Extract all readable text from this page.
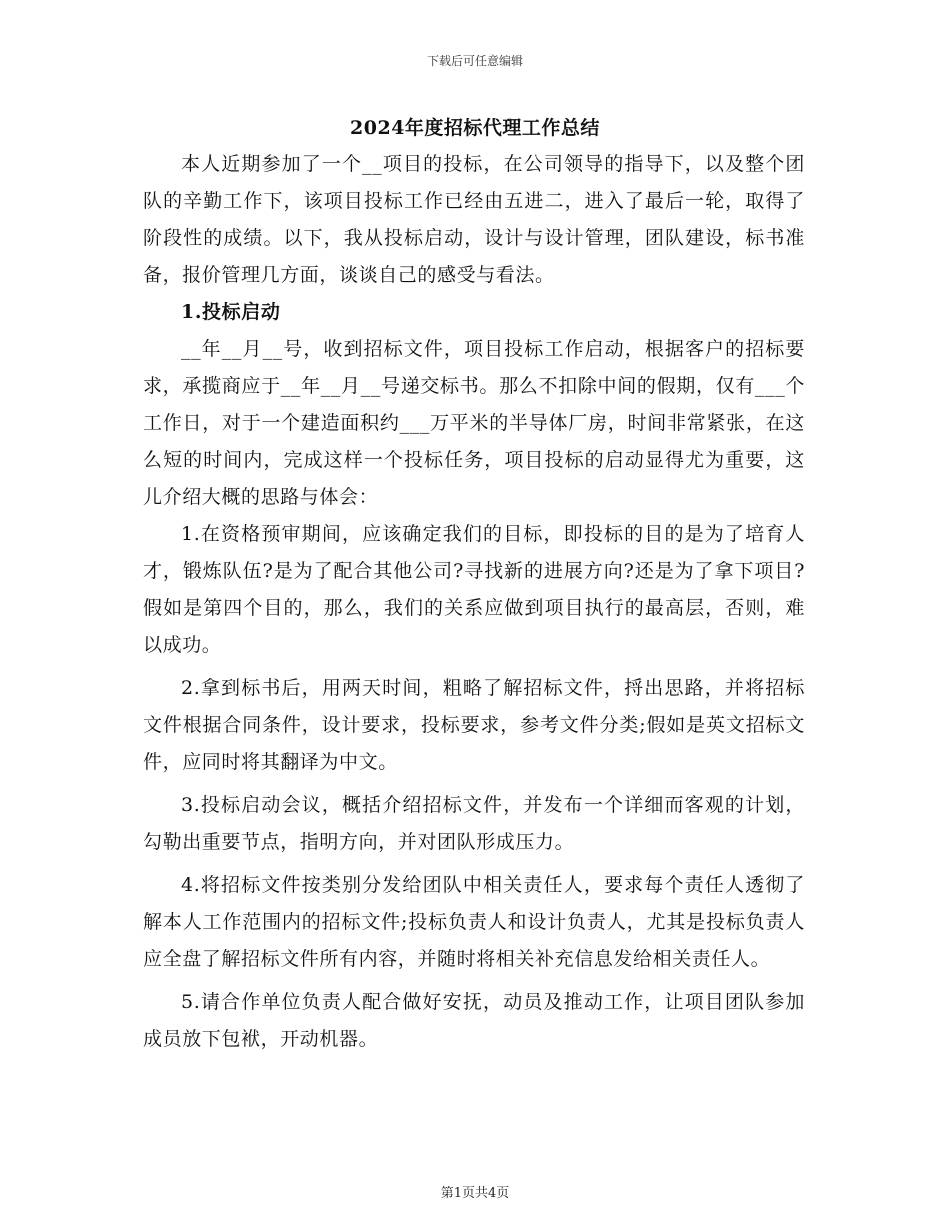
下载后可任意编辑
2024年度招标代理工作总结

本人近期参加了一个__项目的投标，在公司领导的指导下，以及整个团队的辛勤工作下，该项目投标工作已经由五进二，进入了最后一轮，取得了阶段性的成绩。以下，我从投标启动，设计与设计管理，团队建设，标书准备，报价管理几方面，谈谈自己的感受与看法。

1.投标启动

__年__月__号，收到招标文件，项目投标工作启动，根据客户的招标要求，承揽商应于__年__月__号递交标书。那么不扣除中间的假期，仅有___个工作日，对于一个建造面积约___万平米的半导体厂房，时间非常紧张，在这么短的时间内，完成这样一个投标任务，项目投标的启动显得尤为重要，这儿介绍大概的思路与体会：

1.在资格预审期间，应该确定我们的目标，即投标的目的是为了培育人才，锻炼队伍?是为了配合其他公司?寻找新的进展方向?还是为了拿下项目?假如是第四个目的，那么，我们的关系应做到项目执行的最高层，否则，难以成功。

2.拿到标书后，用两天时间，粗略了解招标文件，捋出思路，并将招标文件根据合同条件，设计要求，投标要求，参考文件分类;假如是英文招标文件，应同时将其翻译为中文。

3.投标启动会议，概括介绍招标文件，并发布一个详细而客观的计划，勾勒出重要节点，指明方向，并对团队形成压力。

4.将招标文件按类别分发给团队中相关责任人，要求每个责任人透彻了解本人工作范围内的招标文件;投标负责人和设计负责人，尤其是投标负责人应全盘了解招标文件所有内容，并随时将相关补充信息发给相关责任人。

5.请合作单位负责人配合做好安抚，动员及推动工作，让项目团队参加成员放下包袱，开动机器。

第1页共4页
